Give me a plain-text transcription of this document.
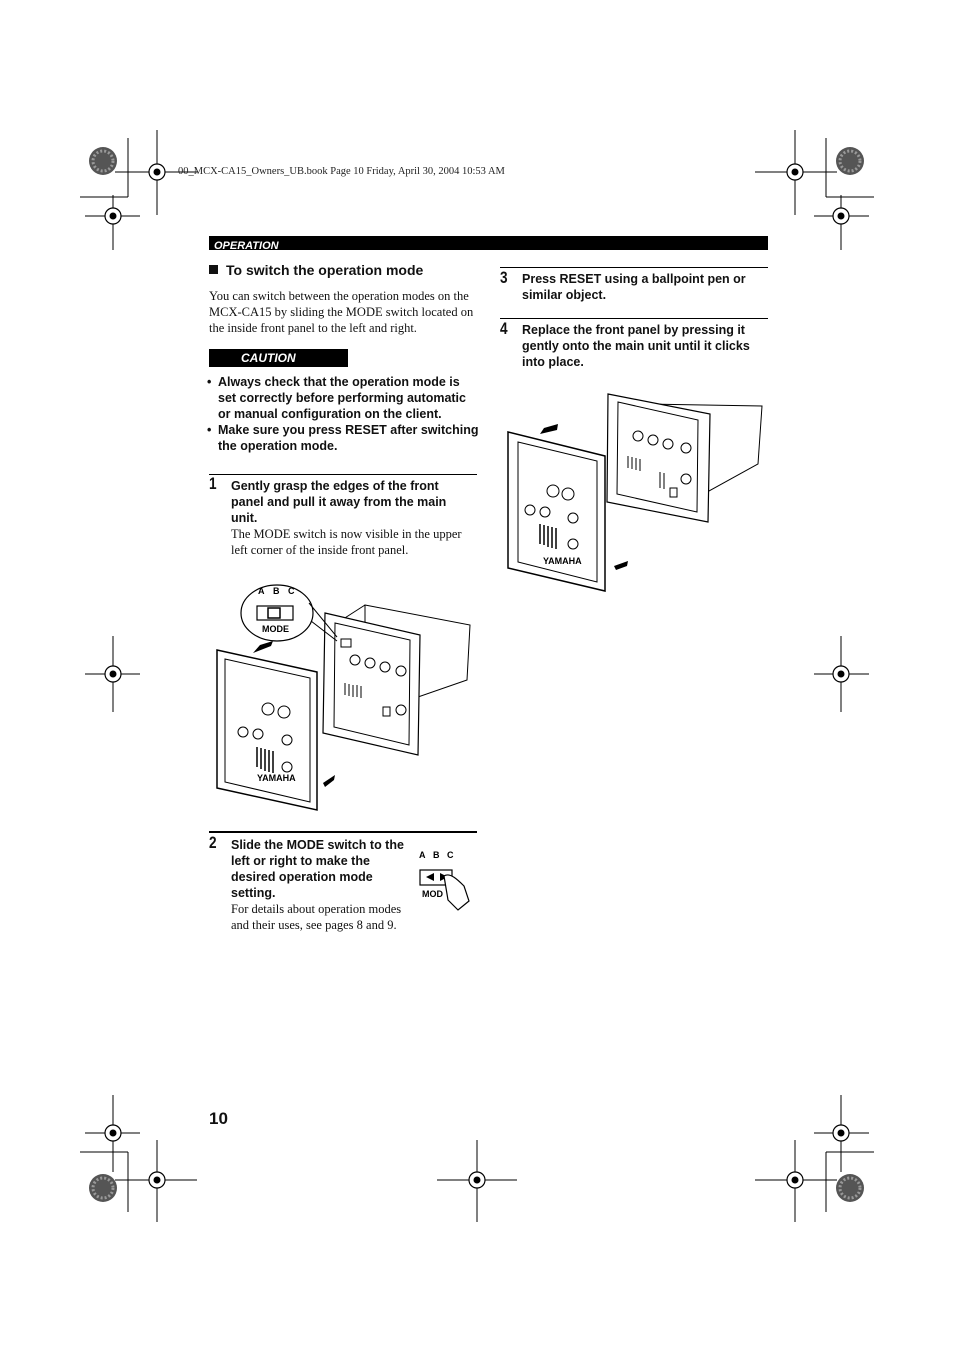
00_MCX-CA15_Owners_UB.book Page 10 Friday, April 30, 2004 10:53 AM
OPERATION
To switch the operation mode
You can switch between the operation modes on the MCX-CA15 by sliding the MODE switch located on the inside front panel to the left and right.
CAUTION
• Always check that the operation mode is set correctly before performing automatic or manual configuration on the client.
• Make sure you press RESET after switching the operation mode.
1 Gently grasp the edges of the front panel and pull it away from the main unit.
The MODE switch is now visible in the upper left corner of the inside front panel.
YAMAHA
A B C
MODE
2 Slide the MODE switch to the left or right to make the desired operation mode setting.
For details about operation modes and their uses, see pages 8 and 9.
A B C
MOD
3 Press RESET using a ballpoint pen or similar object.
4 Replace the front panel by pressing it gently onto the main unit until it clicks into place.
YAMAHA
10
